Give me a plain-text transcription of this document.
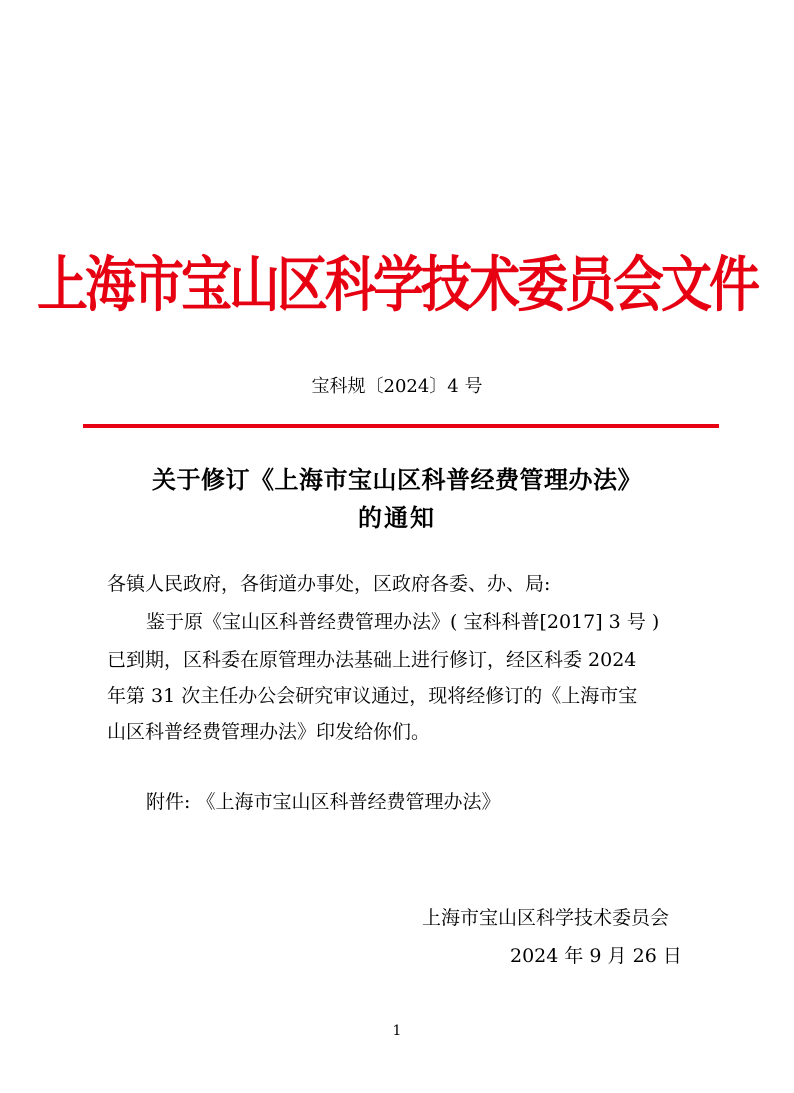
上海市宝山区科学技术委员会文件
宝科规〔2024〕4 号
关于修订《上海市宝山区科普经费管理办法》
的通知
各镇人民政府，各街道办事处，区政府各委、办、局:
鉴于原《宝山区科普经费管理办法》( 宝科科普[2017] 3 号 )
已到期，区科委在原管理办法基础上进行修订，经区科委 2024
年第 31 次主任办公会研究审议通过，现将经修订的《上海市宝
山区科普经费管理办法》印发给你们。
附件: 《上海市宝山区科普经费管理办法》
上海市宝山区科学技术委员会
2024 年 9 月 26 日
1
